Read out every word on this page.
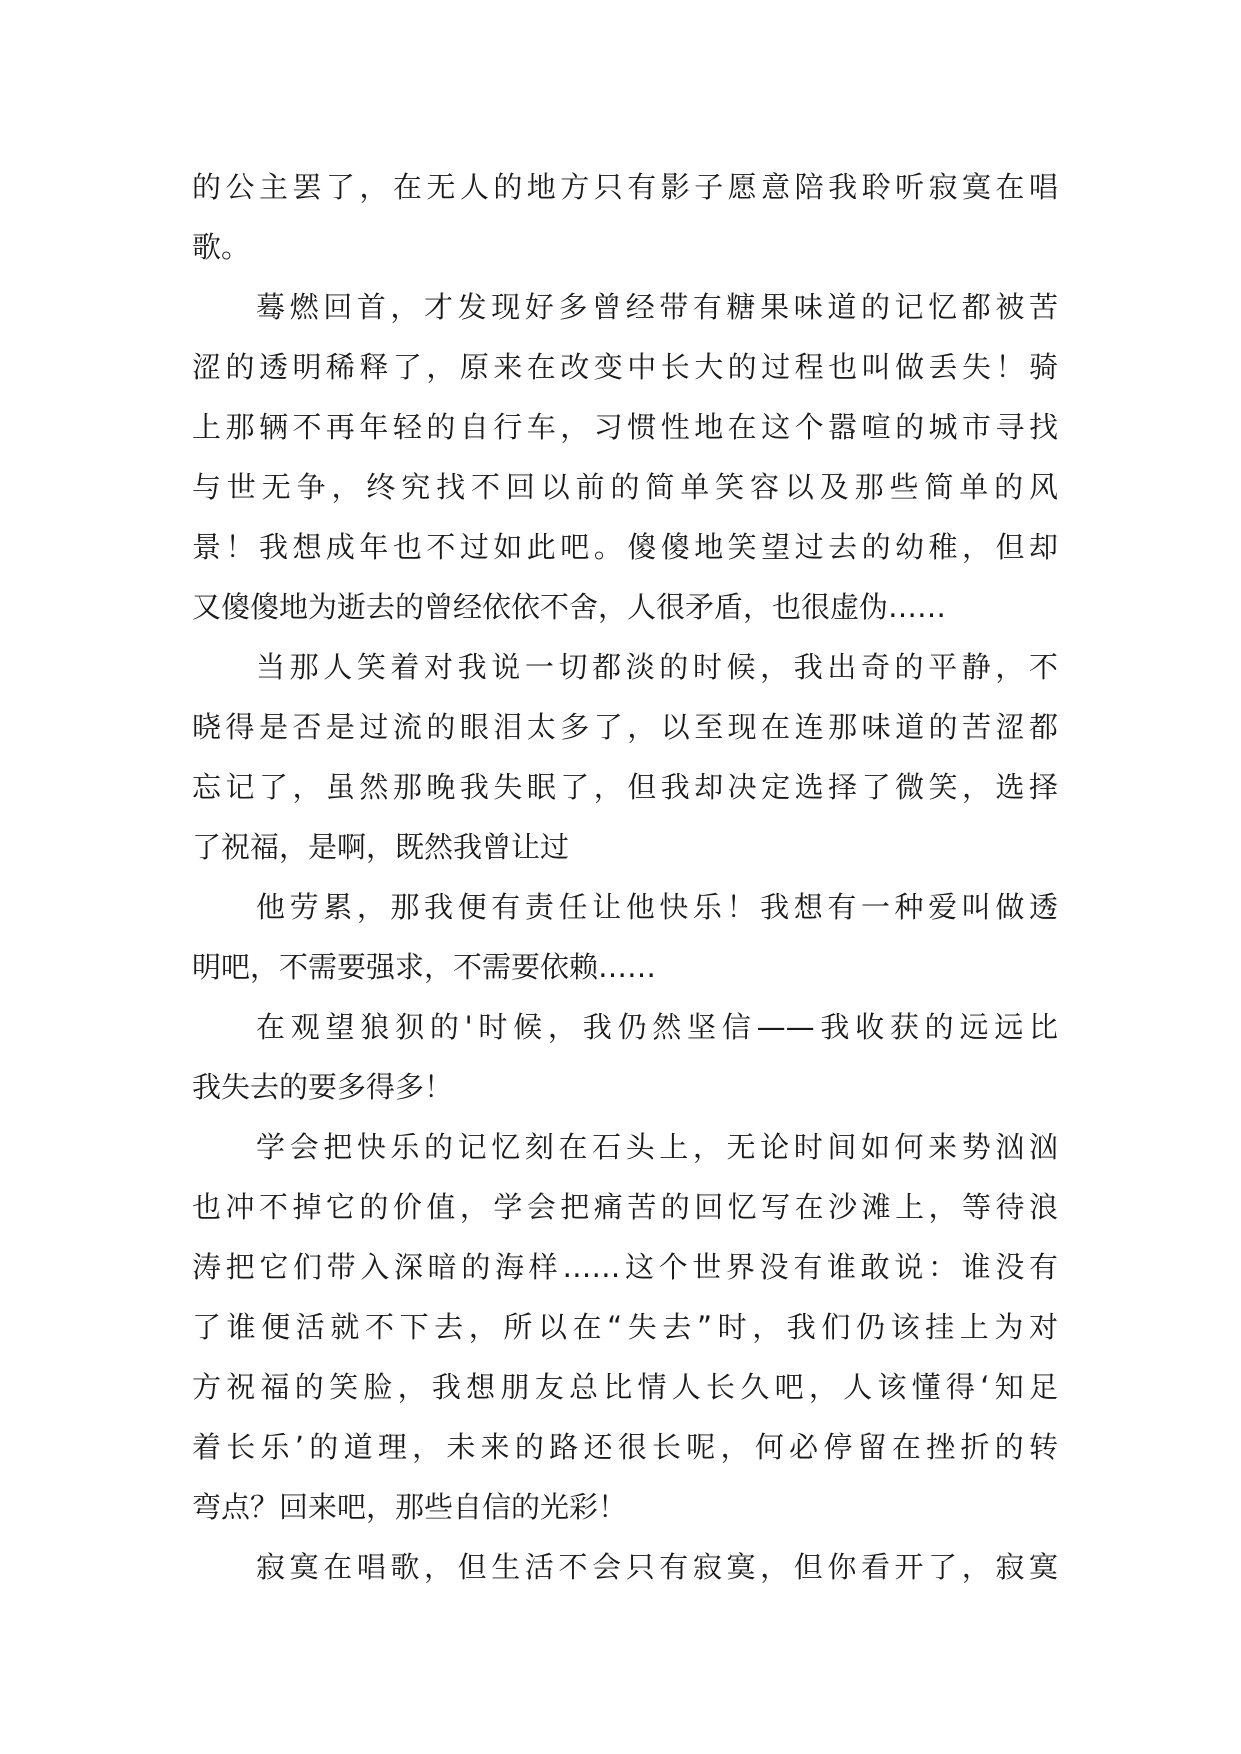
的公主罢了，在无人的地方只有影子愿意陪我聆听寂寞在唱
歌。
蓦燃回首，才发现好多曾经带有糖果味道的记忆都被苦
涩的透明稀释了，原来在改变中长大的过程也叫做丢失！骑
上那辆不再年轻的自行车，习惯性地在这个嚣喧的城市寻找
与世无争，终究找不回以前的简单笑容以及那些简单的风
景！我想成年也不过如此吧。傻傻地笑望过去的幼稚，但却
又傻傻地为逝去的曾经依依不舍，人很矛盾，也很虚伪……
当那人笑着对我说一切都淡的时候，我出奇的平静，不
晓得是否是过流的眼泪太多了，以至现在连那味道的苦涩都
忘记了，虽然那晚我失眠了，但我却决定选择了微笑，选择
了祝福，是啊，既然我曾让过
他劳累，那我便有责任让他快乐！我想有一种爱叫做透
明吧，不需要强求，不需要依赖……
在观望狼狈的'时候，我仍然坚信——我收获的远远比
我失去的要多得多！
学会把快乐的记忆刻在石头上，无论时间如何来势汹汹
也冲不掉它的价值，学会把痛苦的回忆写在沙滩上，等待浪
涛把它们带入深暗的海样……这个世界没有谁敢说：谁没有
了谁便活就不下去，所以在“失去”时，我们仍该挂上为对
方祝福的笑脸，我想朋友总比情人长久吧，人该懂得‘知足
着长乐’的道理，未来的路还很长呢，何必停留在挫折的转
弯点？回来吧，那些自信的光彩！
寂寞在唱歌，但生活不会只有寂寞，但你看开了，寂寞
